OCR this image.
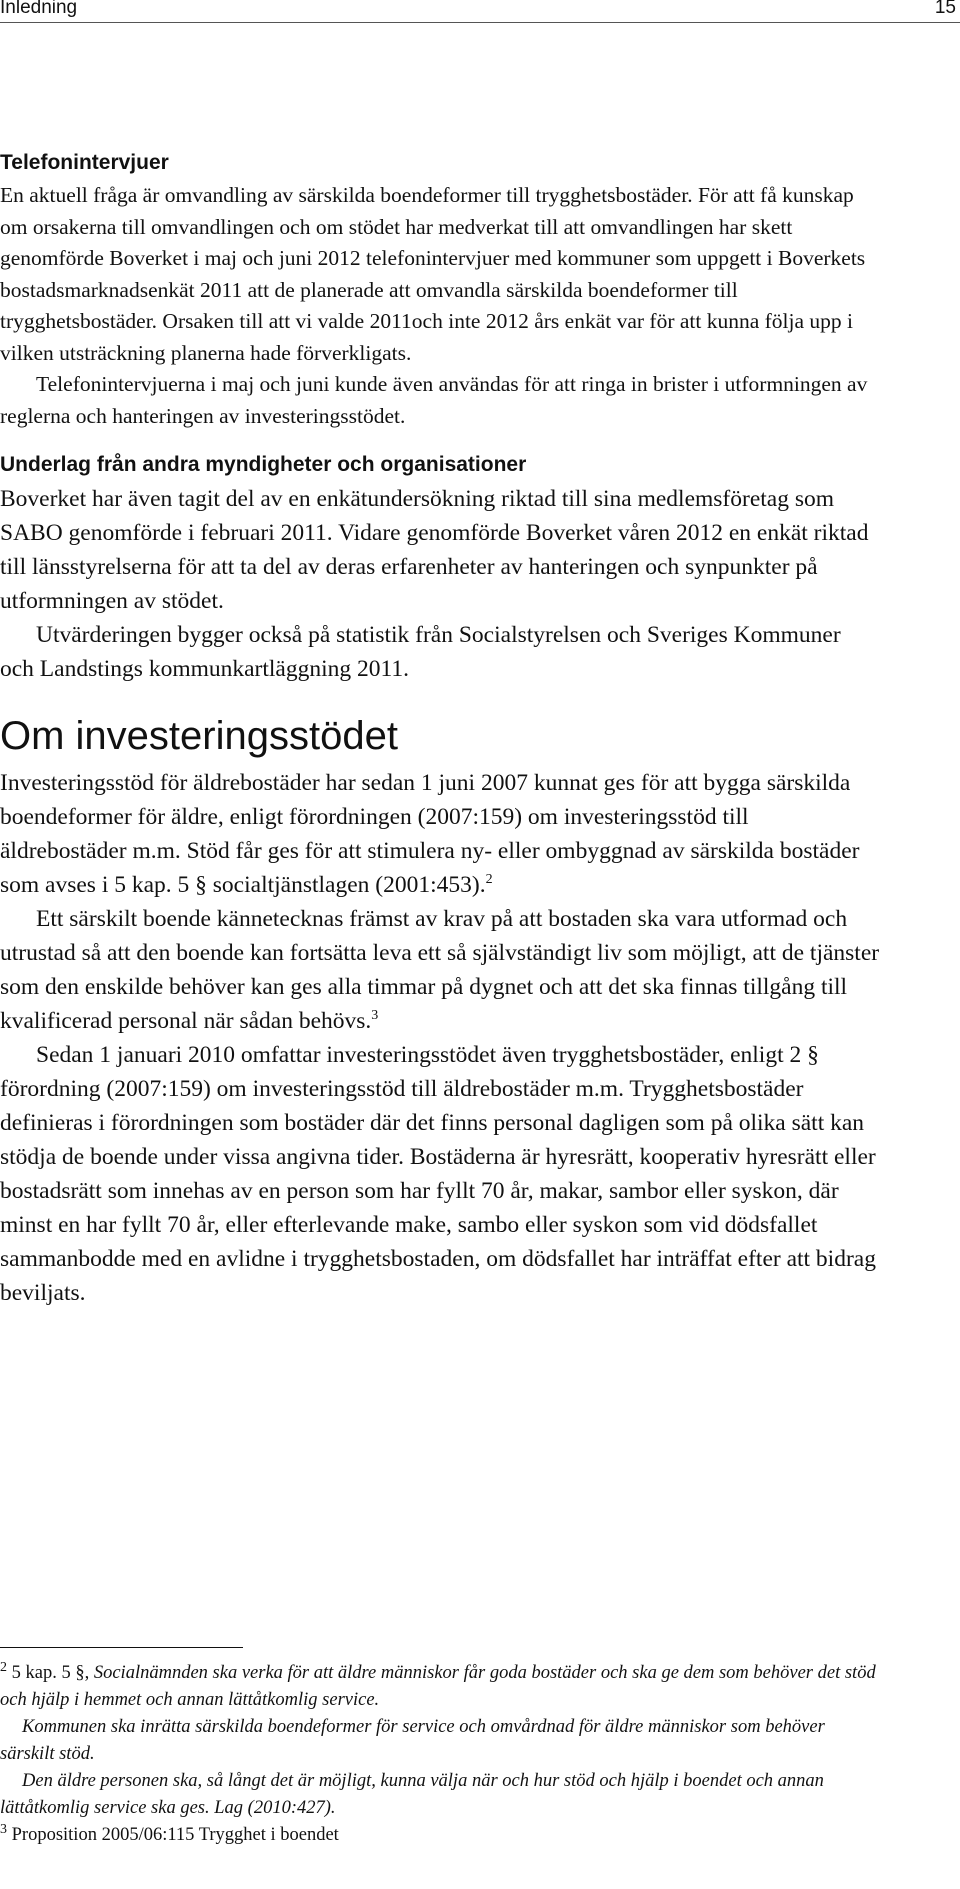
Inledning	15
Telefonintervjuer

En aktuell fråga är omvandling av särskilda boendeformer till trygghetsbostäder. För att få kunskap om orsakerna till omvandlingen och om stödet har medverkat till att omvandlingen har skett genomförde Boverket i maj och juni 2012 telefonintervjuer med kommuner som uppgett i Boverkets bostadsmarknadsenkät 2011 att de planerade att omvandla särskilda boendeformer till trygghetsbostäder. Orsaken till att vi valde 2011och inte 2012 års enkät var för att kunna följa upp i vilken utsträckning planerna hade förverkligats.

Telefonintervjuerna i maj och juni kunde även användas för att ringa in brister i utformningen av reglerna och hanteringen av investeringsstödet.

Underlag från andra myndigheter och organisationer

Boverket har även tagit del av en enkätundersökning riktad till sina medlemsföretag som SABO genomförde i februari 2011. Vidare genomförde Boverket våren 2012 en enkät riktad till länsstyrelserna för att ta del av deras erfarenheter av hanteringen och synpunkter på utformningen av stödet.

Utvärderingen bygger också på statistik från Socialstyrelsen och Sveriges Kommuner och Landstings kommunkartläggning 2011.

Om investeringsstödet

Investeringsstöd för äldrebostäder har sedan 1 juni 2007 kunnat ges för att bygga särskilda boendeformer för äldre, enligt förordningen (2007:159) om investeringsstöd till äldrebostäder m.m. Stöd får ges för att stimulera ny- eller ombyggnad av särskilda bostäder som avses i 5 kap. 5 § socialtjänstlagen (2001:453).$^2$

Ett särskilt boende kännetecknas främst av krav på att bostaden ska vara utformad och utrustad så att den boende kan fortsätta leva ett så självständigt liv som möjligt, att de tjänster som den enskilde behöver kan ges alla timmar på dygnet och att det ska finnas tillgång till kvalificerad personal när sådan behövs.$^3$

Sedan 1 januari 2010 omfattar investeringsstödet även trygghetsbostäder, enligt 2 § förordning (2007:159) om investeringsstöd till äldrebostäder m.m. Trygghetsbostäder definieras i förordningen som bostäder där det finns personal dagligen som på olika sätt kan stödja de boende under vissa angivna tider. Bostäderna är hyresrätt, kooperativ hyresrätt eller bostadsrätt som innehas av en person som har fyllt 70 år, makar, sambor eller syskon, där minst en har fyllt 70 år, eller efterlevande make, sambo eller syskon som vid dödsfallet sammanbodde med en avlidne i trygghetsbostaden, om dödsfallet har inträffat efter att bidrag beviljats.

$^2$ 5 kap. 5 §, Socialnämnden ska verka för att äldre människor får goda bostäder och ska ge dem som behöver det stöd och hjälp i hemmet och annan lättåtkomlig service.

Kommunen ska inrätta särskilda boendeformer för service och omvårdnad för äldre människor som behöver särskilt stöd.

Den äldre personen ska, så långt det är möjligt, kunna välja när och hur stöd och hjälp i boendet och annan lättåtkomlig service ska ges. Lag (2010:427).

$^3$ Proposition 2005/06:115 Trygghet i boendet
